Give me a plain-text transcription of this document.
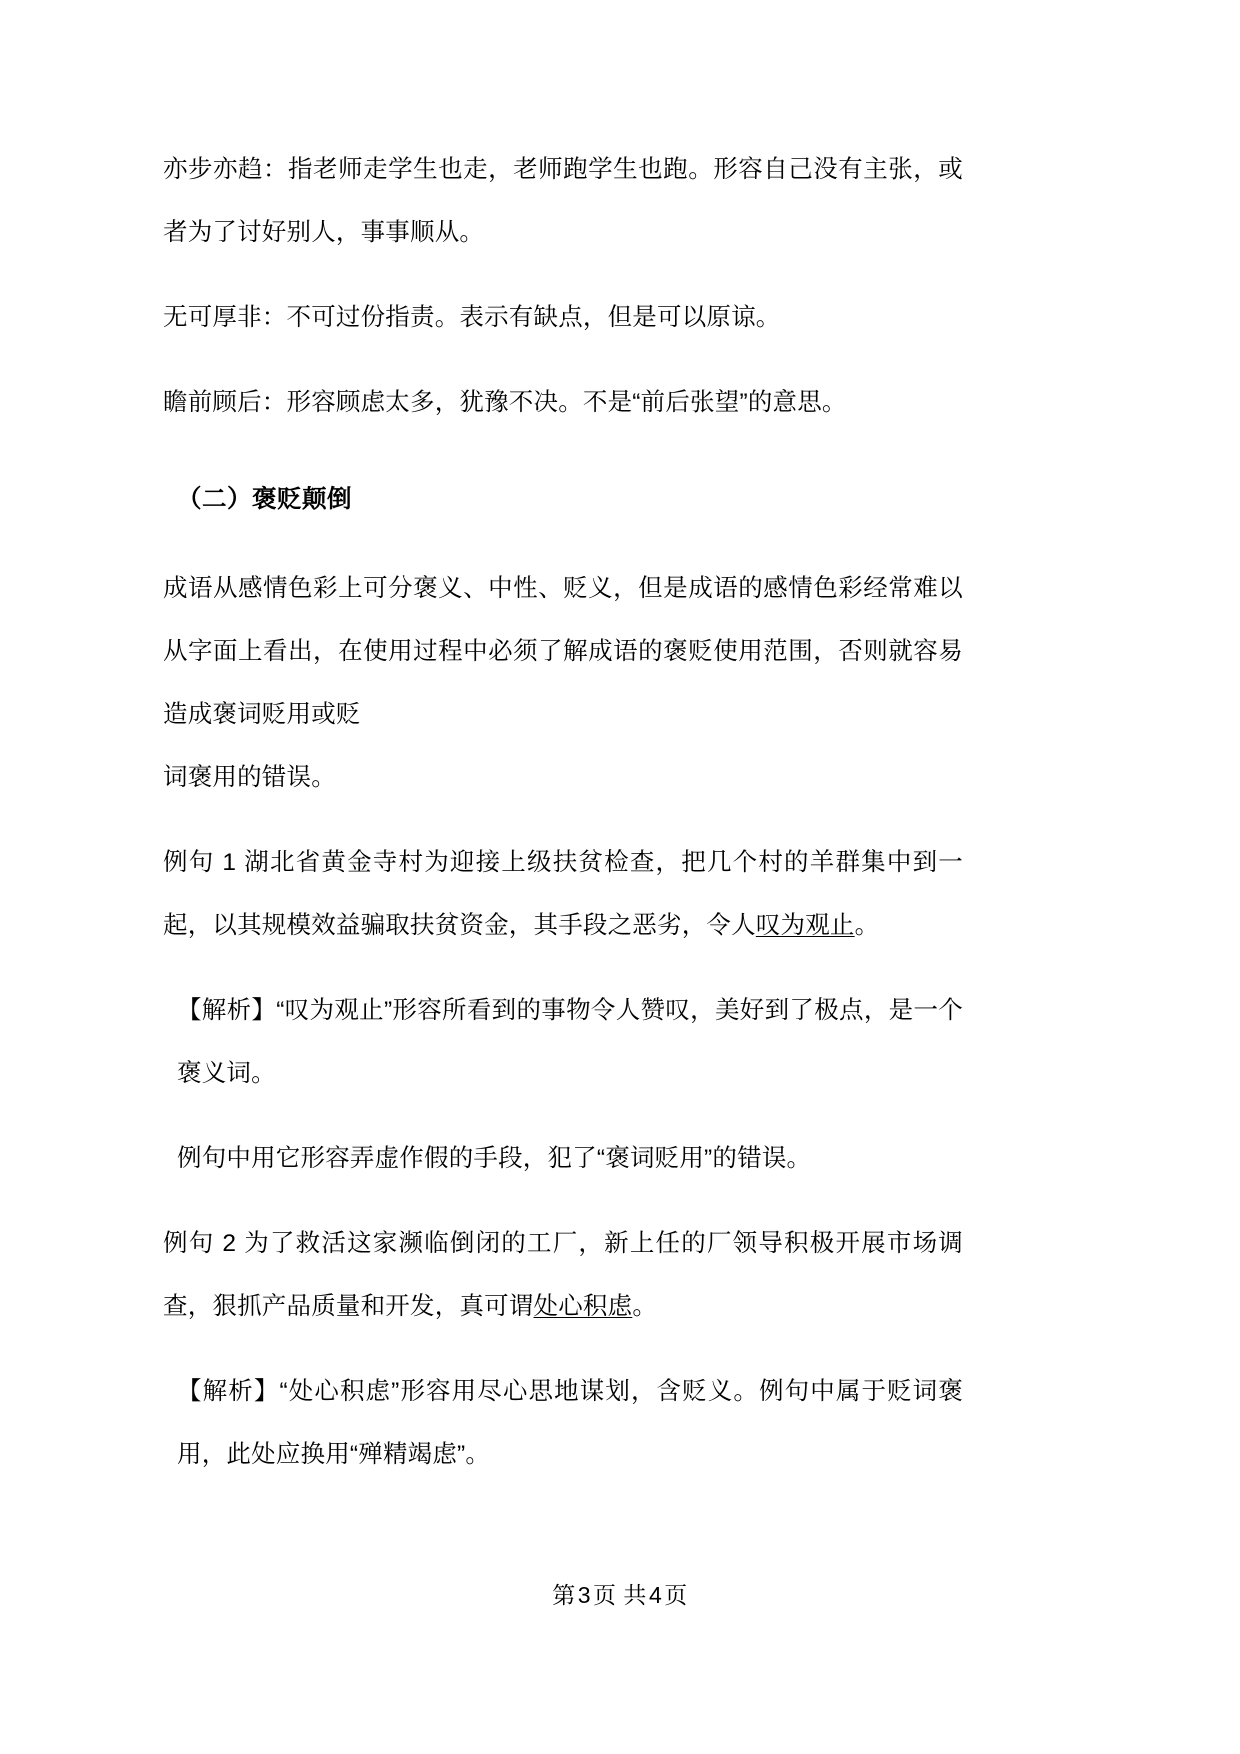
亦步亦趋：指老师走学生也走，老师跑学生也跑。形容自己没有主张，或者为了讨好别人，事事顺从。

无可厚非：不可过份指责。表示有缺点，但是可以原谅。

瞻前顾后：形容顾虑太多，犹豫不决。不是“前后张望”的意思。

（二）褒贬颠倒

成语从感情色彩上可分褒义、中性、贬义，但是成语的感情色彩经常难以从字面上看出，在使用过程中必须了解成语的褒贬使用范围，否则就容易造成褒词贬用或贬

词褒用的错误。

例句 1 湖北省黄金寺村为迎接上级扶贫检查，把几个村的羊群集中到一起，以其规模效益骗取扶贫资金，其手段之恶劣，令人叹为观止。

【解析】“叹为观止”形容所看到的事物令人赞叹，美好到了极点，是一个褒义词。

例句中用它形容弄虚作假的手段，犯了“褒词贬用”的错误。

例句 2 为了救活这家濒临倒闭的工厂，新上任的厂领导积极开展市场调查，狠抓产品质量和开发，真可谓处心积虑。

【解析】“处心积虑”形容用尽心思地谋划，含贬义。例句中属于贬词褒用，此处应换用“殚精竭虑”。

第3页 共4页
